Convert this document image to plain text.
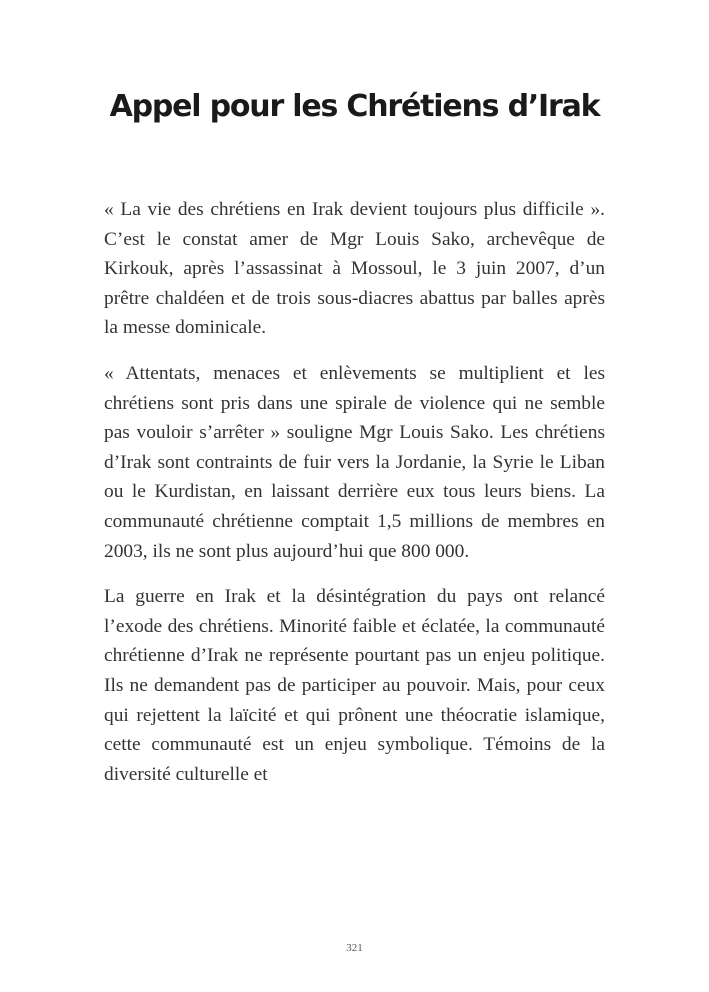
Appel pour les Chrétiens d’Irak

« La vie des chrétiens en Irak devient toujours plus difficile ». C’est le constat amer de Mgr Louis Sako, archevêque de Kirkouk, après l’assassinat à Mossoul, le 3 juin 2007, d’un prêtre chaldéen et de trois sous-diacres abattus par balles après la messe dominicale.

« Attentats, menaces et enlèvements se multiplient et les chrétiens sont pris dans une spirale de violence qui ne semble pas vouloir s’arrêter » souligne Mgr Louis Sako. Les chrétiens d’Irak sont contraints de fuir vers la Jordanie, la Syrie le Liban ou le Kurdistan, en laissant derrière eux tous leurs biens. La communauté chrétienne comptait 1,5 millions de membres en 2003, ils ne sont plus aujourd’hui que 800 000.

La guerre en Irak et la désintégration du pays ont relancé l’exode des chrétiens. Minorité faible et éclatée, la communauté chrétienne d’Irak ne représente pourtant pas un enjeu politique. Ils ne demandent pas de participer au pouvoir. Mais, pour ceux qui rejettent la laïcité et qui prônent une théocratie islamique, cette communauté est un enjeu symbolique. Témoins de la diversité culturelle et

321
